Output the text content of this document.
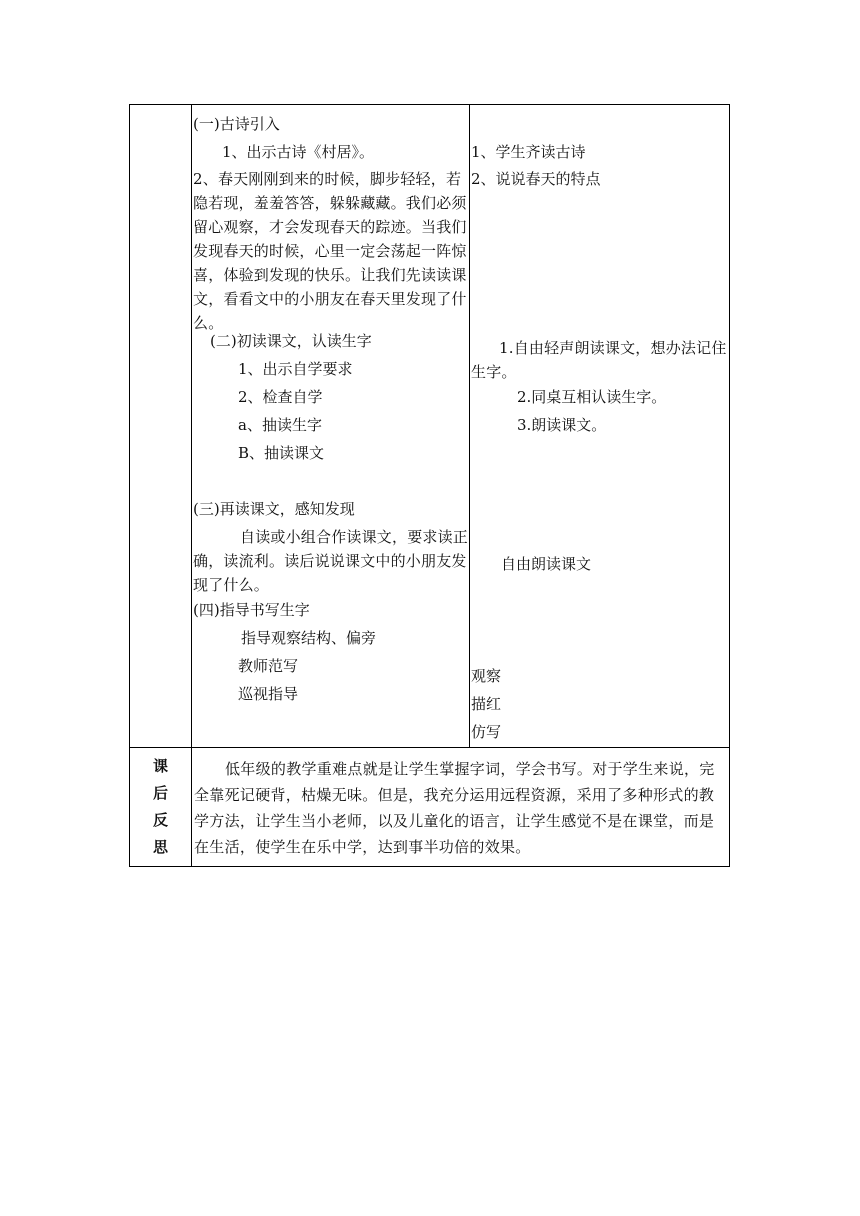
(一)古诗引入
1、出示古诗《村居》。
2、春天刚刚到来的时候，脚步轻轻，若隐若现，羞羞答答，躲躲藏藏。我们必须留心观察，才会发现春天的踪迹。当我们发现春天的时候，心里一定会荡起一阵惊喜，体验到发现的快乐。让我们先读读课文，看看文中的小朋友在春天里发现了什么。
(二)初读课文，认读生字
1、出示自学要求
2、检查自学
a、抽读生字
B、抽读课文
(三)再读课文，感知发现
自读或小组合作读课文，要求读正确，读流利。读后说说课文中的小朋友发现了什么。
(四)指导书写生字
指导观察结构、偏旁
教师范写
巡视指导
1、学生齐读古诗
2、说说春天的特点
1.自由轻声朗读课文，想办法记住生字。
2.同桌互相认读生字。
3.朗读课文。
自由朗读课文
观察
描红
仿写
课
后
反
思
低年级的教学重难点就是让学生掌握字词，学会书写。对于学生来说，完全靠死记硬背，枯燥无味。但是，我充分运用远程资源，采用了多种形式的教学方法，让学生当小老师，以及儿童化的语言，让学生感觉不是在课堂，而是在生活，使学生在乐中学，达到事半功倍的效果。
